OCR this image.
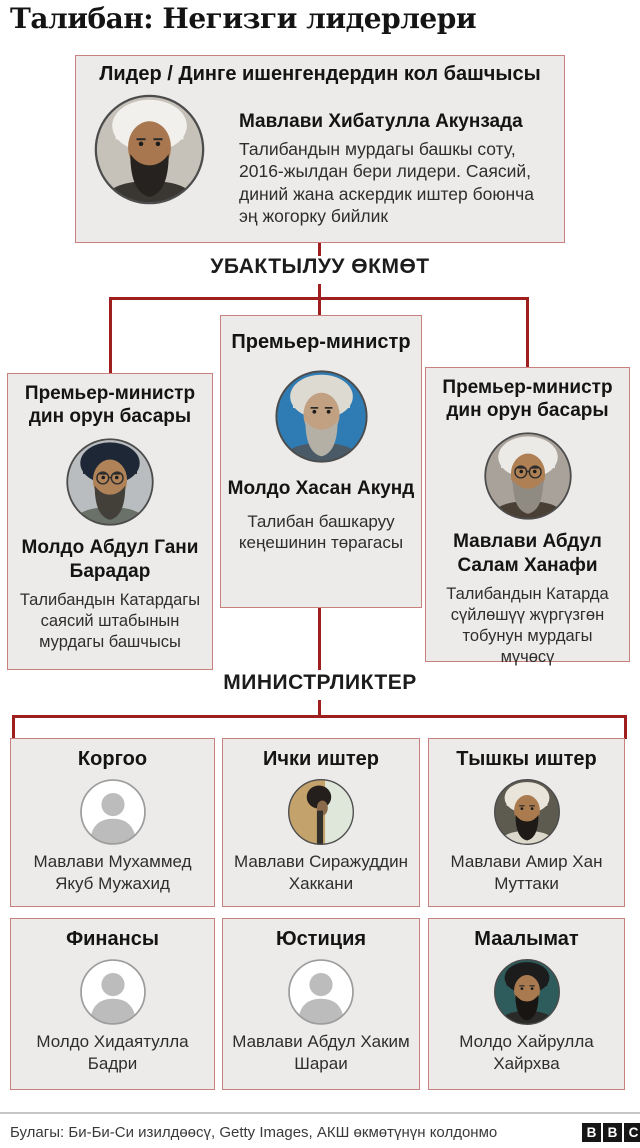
Талибан: Негизги лидерлери
Лидер / Динге ишенгендердин кол башчысы
Мавлави Хибатулла Акунзада
Талибандын мурдагы башкы соту, 2016-жылдан бери лидери. Саясий, диний жана аскердик иштер боюнча эң жогорку бийлик
УБАКТЫЛУУ ӨКМӨТ
Премьер-министр дин орун басары
Молдо Абдул Гани Барадар
Талибандын Катардагы саясий штабынын мурдагы башчысы
Премьер-министр
Молдо Хасан Акунд
Талибан башкаруу кеңешинин төрагасы
Премьер-министр дин орун басары
Мавлави Абдул Салам Ханафи
Талибандын Катарда сүйлөшүү жүргүзгөн тобунун мурдагы мүчөсү
МИНИСТРЛИКТЕР
Коргоо
Мавлави Мухаммед Якуб Мужахид
Ички иштер
Мавлави Сиражуддин Хаккани
Тышкы иштер
Мавлави Амир Хан Муттаки
Финансы
Молдо Хидаятулла Бадри
Юстиция
Мавлави Абдул Хаким Шараи
Маалымат
Молдо Хайрулла Хайрхва
Булагы: Би-Би-Си изилдөөсү, Getty Images, АКШ өкмөтүнүн колдонмо	B B C
